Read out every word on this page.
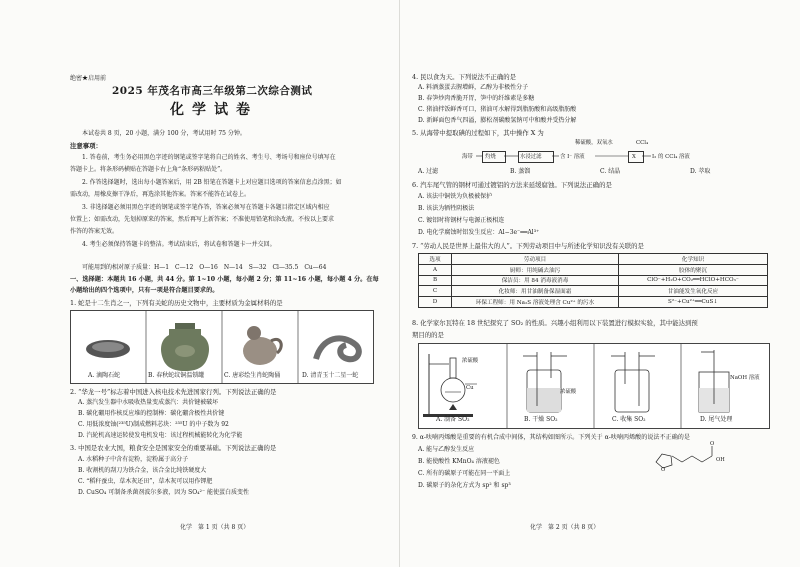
绝密★启用前
2025 年茂名市高三年级第二次综合测试
化学试卷
本试卷共 8 页，20 小题，满分 100 分，考试用时 75 分钟。
注意事项：
1. 答卷前，考生务必用黑色字迹的钢笔或签字笔将自己的姓名、考生号、考场号和座位号填写在
答题卡上。将条形码横贴在答题卡右上角“条形码粘贴处”。
2. 作答选择题时，选出每小题答案后，用 2B 铅笔在答题卡上对应题目选项的答案信息点涂黑；如
需改动，用橡皮擦干净后，再选涂其他答案。答案不能答在试卷上。
3. 非选择题必须用黑色字迹的钢笔或签字笔作答，答案必须写在答题卡各题目指定区域内相应
位置上；如需改动，先划掉原来的答案，然后再写上新答案；不准使用铅笔和涂改液。不按以上要求
作答的答案无效。
4. 考生必须保持答题卡的整洁。考试结束后，将试卷和答题卡一并交回。
可能用到的相对原子质量：H—1　C—12　O—16　N—14　S—32　Cl—35.5　Cu—64
一、选择题：本题共 16 小题，共 44 分。第 1~10 小题，每小题 2 分；第 11~16 小题，每小题 4 分。在每
小题给出的四个选项中，只有一项是符合题目要求的。
1. 蛇是十二生肖之一，下列有关蛇的历史文物中，主要材质为金属材料的是
A. 滴陶石蛇	B. 春秋蛇纹铜温锁罐	C. 唐彩绘生肖蛇陶俑	D. 清青玉十二星一蛇
2. “华龙一号”标志着中国进入核电技术先进国家行列。下列说法正确的是
A. 蒸汽发生器中水吸收热量变成蒸汽：共价键被破坏
B. 碳化硼用作核反应堆的控制棒：碳化硼含极性共价键
C. 用低浓度铀(²³⁵U)制成燃料芯块：²³⁵U 的中子数为 92
D. 汽轮机高速运转使发电机发电：该过程机械能转化为化学能
3. 中国是农业大国，粮食安全是国家安全的重要基础。下列说法正确的是
A. 水稻种子中含有淀粉，淀粉属于高分子
B. 收割机的刮刀为铁合金，该合金比纯铁硬度大
C. “稻秆蚕虫，草木灰还田”，草木灰可以用作钾肥
D. CuSO₄ 可制备杀菌剂波尔多液，因为 SO₄²⁻ 能使蛋白质变性
化学　第 1 页（共 8 页）
4. 民以食为天。下列说法不正确的是
A. 料酒蒸蛋去腥增鲜，乙醇为非极性分子
B. 春笋炒肉香脆开胃，笋中的纤维素是多糖
C. 猪油拌饭鲜香可口，猪油可水解得到脂肪酸和高级脂肪酸
D. 新鲜面包香气四溢，膨松剂碳酸氢钠可中和酸并受热分解
5. 从海带中提取碘的过程如下，其中操作 X 为
稀硫酸，双氧水	CCl₄
海带 灼烧	水浸过滤	含 I⁻ 溶液	X	I₂ 的 CCl₄ 溶液
A. 过滤	B. 蒸馏	C. 结晶	D. 萃取
6. 汽车尾气管的钢材可通过镀铝的方法来延缓腐蚀。下列说法正确的是
A. 该法中铜铁为负极被保护
B. 该法为牺牲阴极法
C. 镀铝时将钢材与电源正极相连
D. 电化学腐蚀时铝发生反应：Al−3e⁻══Al³⁺
7. “劳动人民是世界上最伟大的人”。下列劳动项目中与所述化学知识没有关联的是
选项	劳动项目	化学知识
A	厨师：用纯碱去油污	胶体的聚沉
B	保洁员：用 84 消毒液消毒	ClO⁻+H₂O+CO₂══HClO+HCO₃⁻
C	化妆师：用甘油制备保湿面霜	甘油能发生氧化反应
D	环保工程师：用 Na₂S 溶液处理含 Cu²⁺ 的污水	S²⁻+Cu²⁺══CuS↓
8. 化学家尔瓦特在 18 世纪探究了 SO₂ 的性质。兴趣小组利用以下装置进行模拟实验，其中能达到预
期目的的是
浓硫酸
Cu
浓硫酸
NaOH 溶液
A. 制备 SO₂	B. 干燥 SO₂	C. 收集 SO₂	D. 尾气处理
9. α-呋喃丙烯酸是重要的有机合成中间体，其结构如图所示。下列关于 α-呋喃丙烯酸的说法不正确的是
A. 能与乙醇发生反应
B. 能使酸性 KMnO₄ 溶液褪色
C. 所有的碳原子可能在同一平面上
D. 碳原子的杂化方式为 sp² 和 sp³
O
O
OH
化学　第 2 页（共 8 页）
